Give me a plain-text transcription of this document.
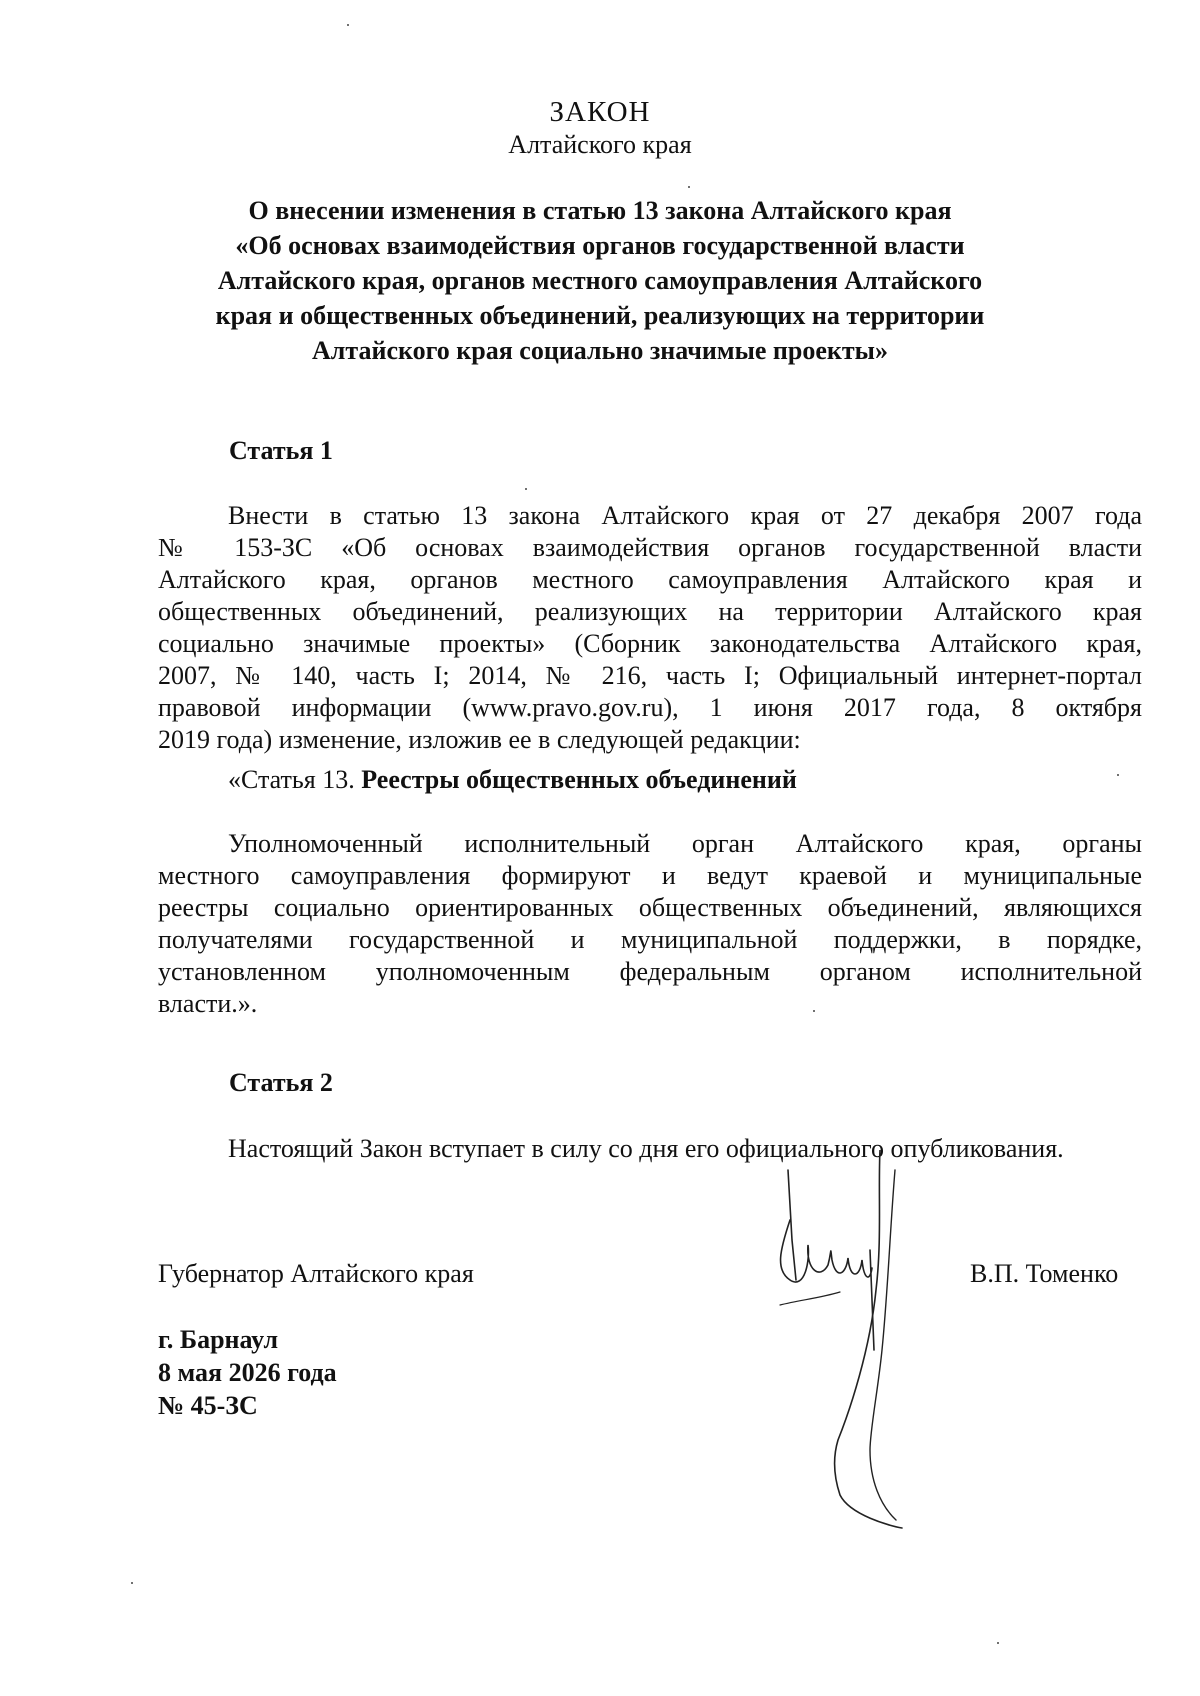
ЗАКОН
Алтайского края
О внесении изменения в статью 13 закона Алтайского края
«Об основах взаимодействия органов государственной власти
Алтайского края, органов местного самоуправления Алтайского
края и общественных объединений, реализующих на территории
Алтайского края социально значимые проекты»
Статья 1
Внести в статью 13 закона Алтайского края от 27 декабря 2007 года
№ 153-ЗС «Об основах взаимодействия органов государственной власти
Алтайского края, органов местного самоуправления Алтайского края и
общественных объединений, реализующих на территории Алтайского края
социально значимые проекты» (Сборник законодательства Алтайского края,
2007, № 140, часть I; 2014, № 216, часть I; Официальный интернет-портал
правовой информации (www.pravo.gov.ru), 1 июня 2017 года, 8 октября
2019 года) изменение, изложив ее в следующей редакции:
«Статья 13. Реестры общественных объединений
Уполномоченный исполнительный орган Алтайского края, органы
местного самоуправления формируют и ведут краевой и муниципальные
реестры социально ориентированных общественных объединений, являющихся
получателями государственной и муниципальной поддержки, в порядке,
установленном уполномоченным федеральным органом исполнительной
власти.».
Статья 2
Настоящий Закон вступает в силу со дня его официального опубликования.
Губернатор Алтайского края	В.П. Томенко
г. Барнаул
8 мая 2026 года
№ 45-ЗС
